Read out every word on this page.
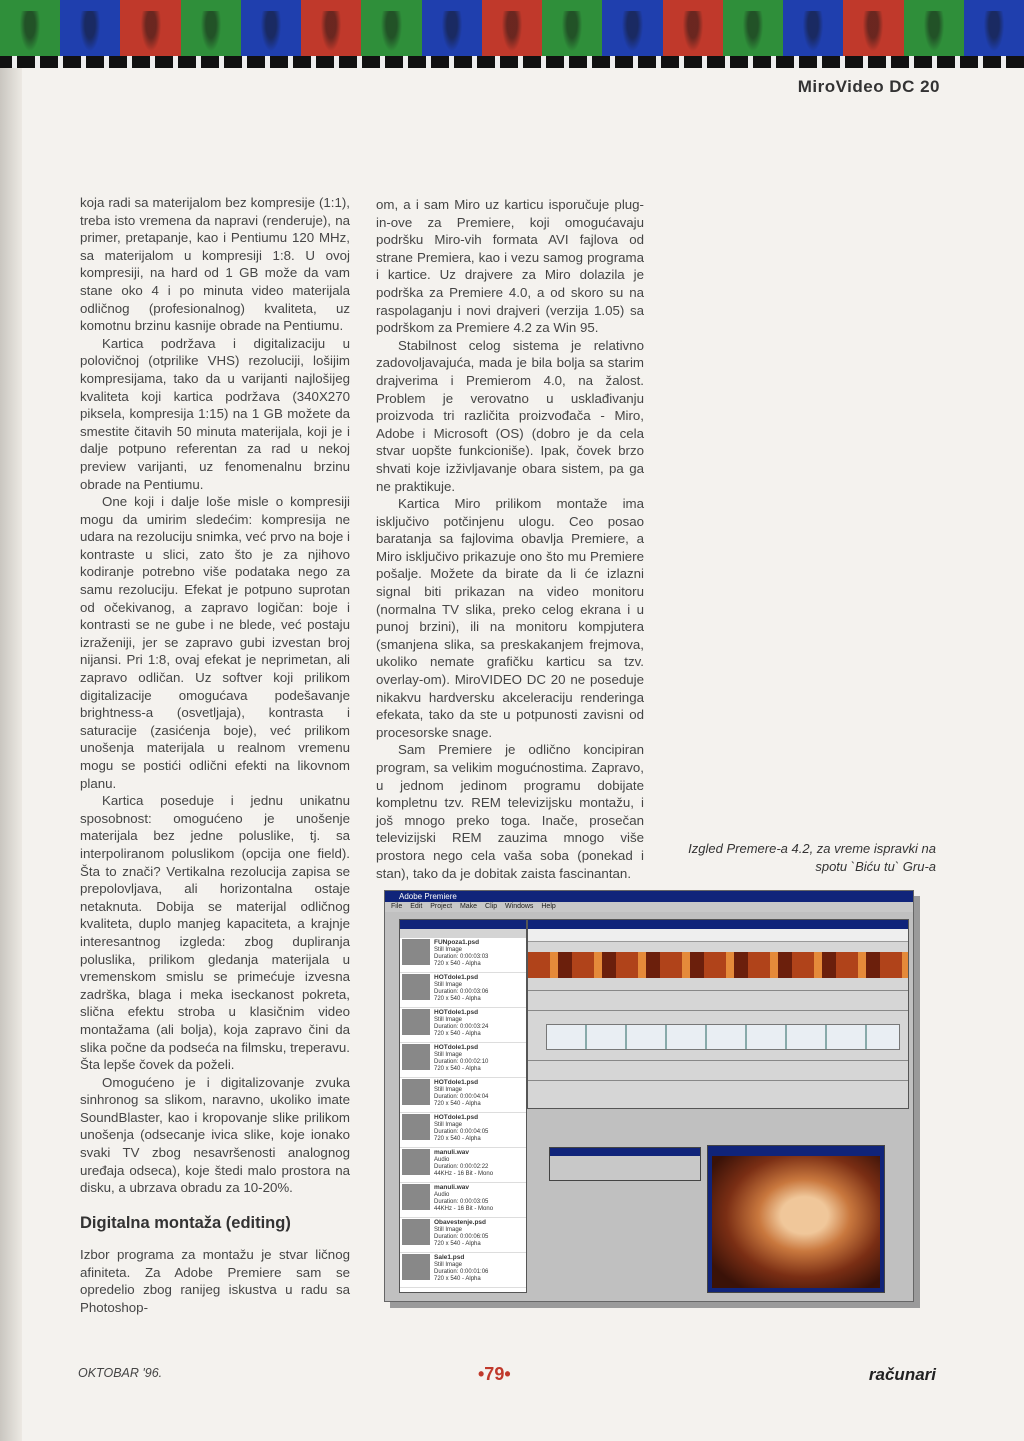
MiroVideo DC 20

koja radi sa materijalom bez kompresije (1:1), treba isto vremena da napravi (renderuje), na primer, pretapanje, kao i Pentiumu 120 MHz, sa materijalom u kompresiji 1:8. U ovoj kompresiji, na hard od 1 GB može da vam stane oko 4 i po minuta video materijala odličnog (profesionalnog) kvaliteta, uz komotnu brzinu kasnije obrade na Pentiumu.

Kartica podržava i digitalizaciju u polovičnoj (otprilike VHS) rezoluciji, lošijim kompresijama, tako da u varijanti najlošijeg kvaliteta koji kartica podržava (340X270 piksela, kompresija 1:15) na 1 GB možete da smestite čitavih 50 minuta materijala, koji je i dalje potpuno referentan za rad u nekoj preview varijanti, uz fenomenalnu brzinu obrade na Pentiumu.

One koji i dalje loše misle o kompresiji mogu da umirim sledećim: kompresija ne udara na rezoluciju snimka, već prvo na boje i kontraste u slici, zato što je za njihovo kodiranje potrebno više podataka nego za samu rezoluciju. Efekat je potpuno suprotan od očekivanog, a zapravo logičan: boje i kontrasti se ne gube i ne blede, već postaju izraženiji, jer se zapravo gubi izvestan broj nijansi. Pri 1:8, ovaj efekat je neprimetan, ali zapravo odličan. Uz softver koji prilikom digitalizacije omogućava podešavanje brightness-a (osvetljaja), kontrasta i saturacije (zasićenja boje), već prilikom unošenja materijala u realnom vremenu mogu se postići odlični efekti na likovnom planu.

Kartica poseduje i jednu unikatnu sposobnost: omogućeno je unošenje materijala bez jedne poluslike, tj. sa interpoliranom poluslikom (opcija one field). Šta to znači? Vertikalna rezolucija zapisa se prepolovljava, ali horizontalna ostaje netaknuta. Dobija se materijal odličnog kvaliteta, duplo manjeg kapaciteta, a krajnje interesantnog izgleda: zbog dupliranja poluslika, prilikom gledanja materijala u vremenskom smislu se primećuje izvesna zadrška, blaga i meka iseckanost pokreta, slična efektu stroba u klasičnim video montažama (ali bolja), koja zapravo čini da slika počne da podseća na filmsku, treperavu. Šta lepše čovek da poželi.

Omogućeno je i digitalizovanje zvuka sinhronog sa slikom, naravno, ukoliko imate SoundBlaster, kao i kropovanje slike prilikom unošenja (odsecanje ivica slike, koje ionako svaki TV zbog nesavršenosti analognog uređaja odseca), koje štedi malo prostora na disku, a ubrzava obradu za 10-20%.

Digitalna montaža (editing)

Izbor programa za montažu je stvar ličnog afiniteta. Za Adobe Premiere sam se opredelio zbog ranijeg iskustva u radu sa Photoshop-

om, a i sam Miro uz karticu isporučuje plug-in-ove za Premiere, koji omogućavaju podršku Miro-vih formata AVI fajlova od strane Premiera, kao i vezu samog programa i kartice. Uz drajvere za Miro dolazila je podrška za Premiere 4.0, a od skoro su na raspolaganju i novi drajveri (verzija 1.05) sa podrškom za Premiere 4.2 za Win 95.

Stabilnost celog sistema je relativno zadovoljavajuća, mada je bila bolja sa starim drajverima i Premierom 4.0, na žalost. Problem je verovatno u usklađivanju proizvoda tri različita proizvođača - Miro, Adobe i Microsoft (OS) (dobro je da cela stvar uopšte funkcioniše). Ipak, čovek brzo shvati koje izživljavanje obara sistem, pa ga ne praktikuje.

Kartica Miro prilikom montaže ima isključivo potčinjenu ulogu. Ceo posao baratanja sa fajlovima obavlja Premiere, a Miro isključivo prikazuje ono što mu Premiere pošalje. Možete da birate da li će izlazni signal biti prikazan na video monitoru (normalna TV slika, preko celog ekrana i u punoj brzini), ili na monitoru kompjutera (smanjena slika, sa preskakanjem frejmova, ukoliko nemate grafičku karticu sa tzv. overlay-om). MiroVIDEO DC 20 ne poseduje nikakvu hardversku akceleraciju renderinga efekata, tako da ste u potpunosti zavisni od procesorske snage.

Sam Premiere je odlično koncipiran program, sa velikim mogućnostima. Zapravo, u jednom jedinom programu dobijate kompletnu tzv. REM televizijsku montažu, i još mnogo preko toga. Inače, prosečan televizijski REM zauzima mnogo više prostora nego cela vaša soba (ponekad i stan), tako da je dobitak zaista fascinantan.

Izgled Premere-a 4.2, za vreme ispravki na spotu `Biću tu` Gru-a
Adobe Premiere
File Edit Project Make Clip Windows Help
FUNpoza1.psd

Still Image
Duration: 0:00:03:03
720 x 540 - Alpha
HOTdole1.psd

Still Image
Duration: 0:00:03:06
720 x 540 - Alpha
HOTdole1.psd

Still Image
Duration: 0:00:03:24
720 x 540 - Alpha
HOTdole1.psd

Still Image
Duration: 0:00:02:10
720 x 540 - Alpha
HOTdole1.psd

Still Image
Duration: 0:00:04:04
720 x 540 - Alpha
HOTdole1.psd

Still Image
Duration: 0:00:04:05
720 x 540 - Alpha
manuli.wav

Audio
Duration: 0:00:02:22
44KHz - 16 Bit - Mono
manuli.wav

Audio
Duration: 0:00:03:05
44KHz - 16 Bit - Mono
Obavestenje.psd

Still Image
Duration: 0:00:06:05
720 x 540 - Alpha
Sale1.psd

Still Image
Duration: 0:00:01:06
720 x 540 - Alpha
OKTOBAR '96.	•79•	računari
